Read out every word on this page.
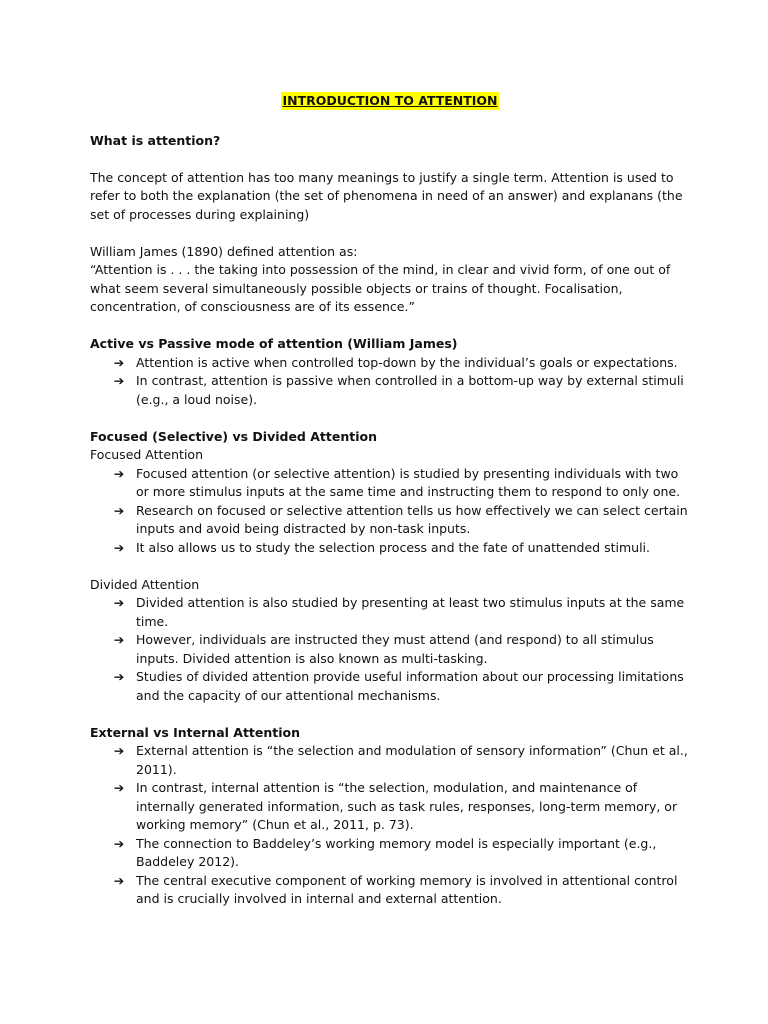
INTRODUCTION TO ATTENTION

What is attention?

The concept of attention has too many meanings to justify a single term. Attention is used to refer to both the explanation (the set of phenomena in need of an answer) and explanans (the set of processes during explaining)

William James (1890) defined attention as:

“Attention is . . . the taking into possession of the mind, in clear and vivid form, of one out of what seem several simultaneously possible objects or trains of thought. Focalisation, concentration, of consciousness are of its essence.”

Active vs Passive mode of attention (William James)

➔ Attention is active when controlled top-down by the individual’s goals or expectations.
➔ In contrast, attention is passive when controlled in a bottom-up way by external stimuli (e.g., a loud noise).

Focused (Selective) vs Divided Attention

Focused Attention

➔ Focused attention (or selective attention) is studied by presenting individuals with two or more stimulus inputs at the same time and instructing them to respond to only one.
➔ Research on focused or selective attention tells us how effectively we can select certain inputs and avoid being distracted by non-task inputs.
➔ It also allows us to study the selection process and the fate of unattended stimuli.

Divided Attention

➔ Divided attention is also studied by presenting at least two stimulus inputs at the same time.
➔ However, individuals are instructed they must attend (and respond) to all stimulus inputs. Divided attention is also known as multi-tasking.
➔ Studies of divided attention provide useful information about our processing limitations and the capacity of our attentional mechanisms.

External vs Internal Attention

➔ External attention is “the selection and modulation of sensory information” (Chun et al., 2011).
➔ In contrast, internal attention is “the selection, modulation, and maintenance of internally generated information, such as task rules, responses, long-term memory, or working memory” (Chun et al., 2011, p. 73).
➔ The connection to Baddeley’s working memory model is especially important (e.g., Baddeley 2012).
➔ The central executive component of working memory is involved in attentional control and is crucially involved in internal and external attention.
